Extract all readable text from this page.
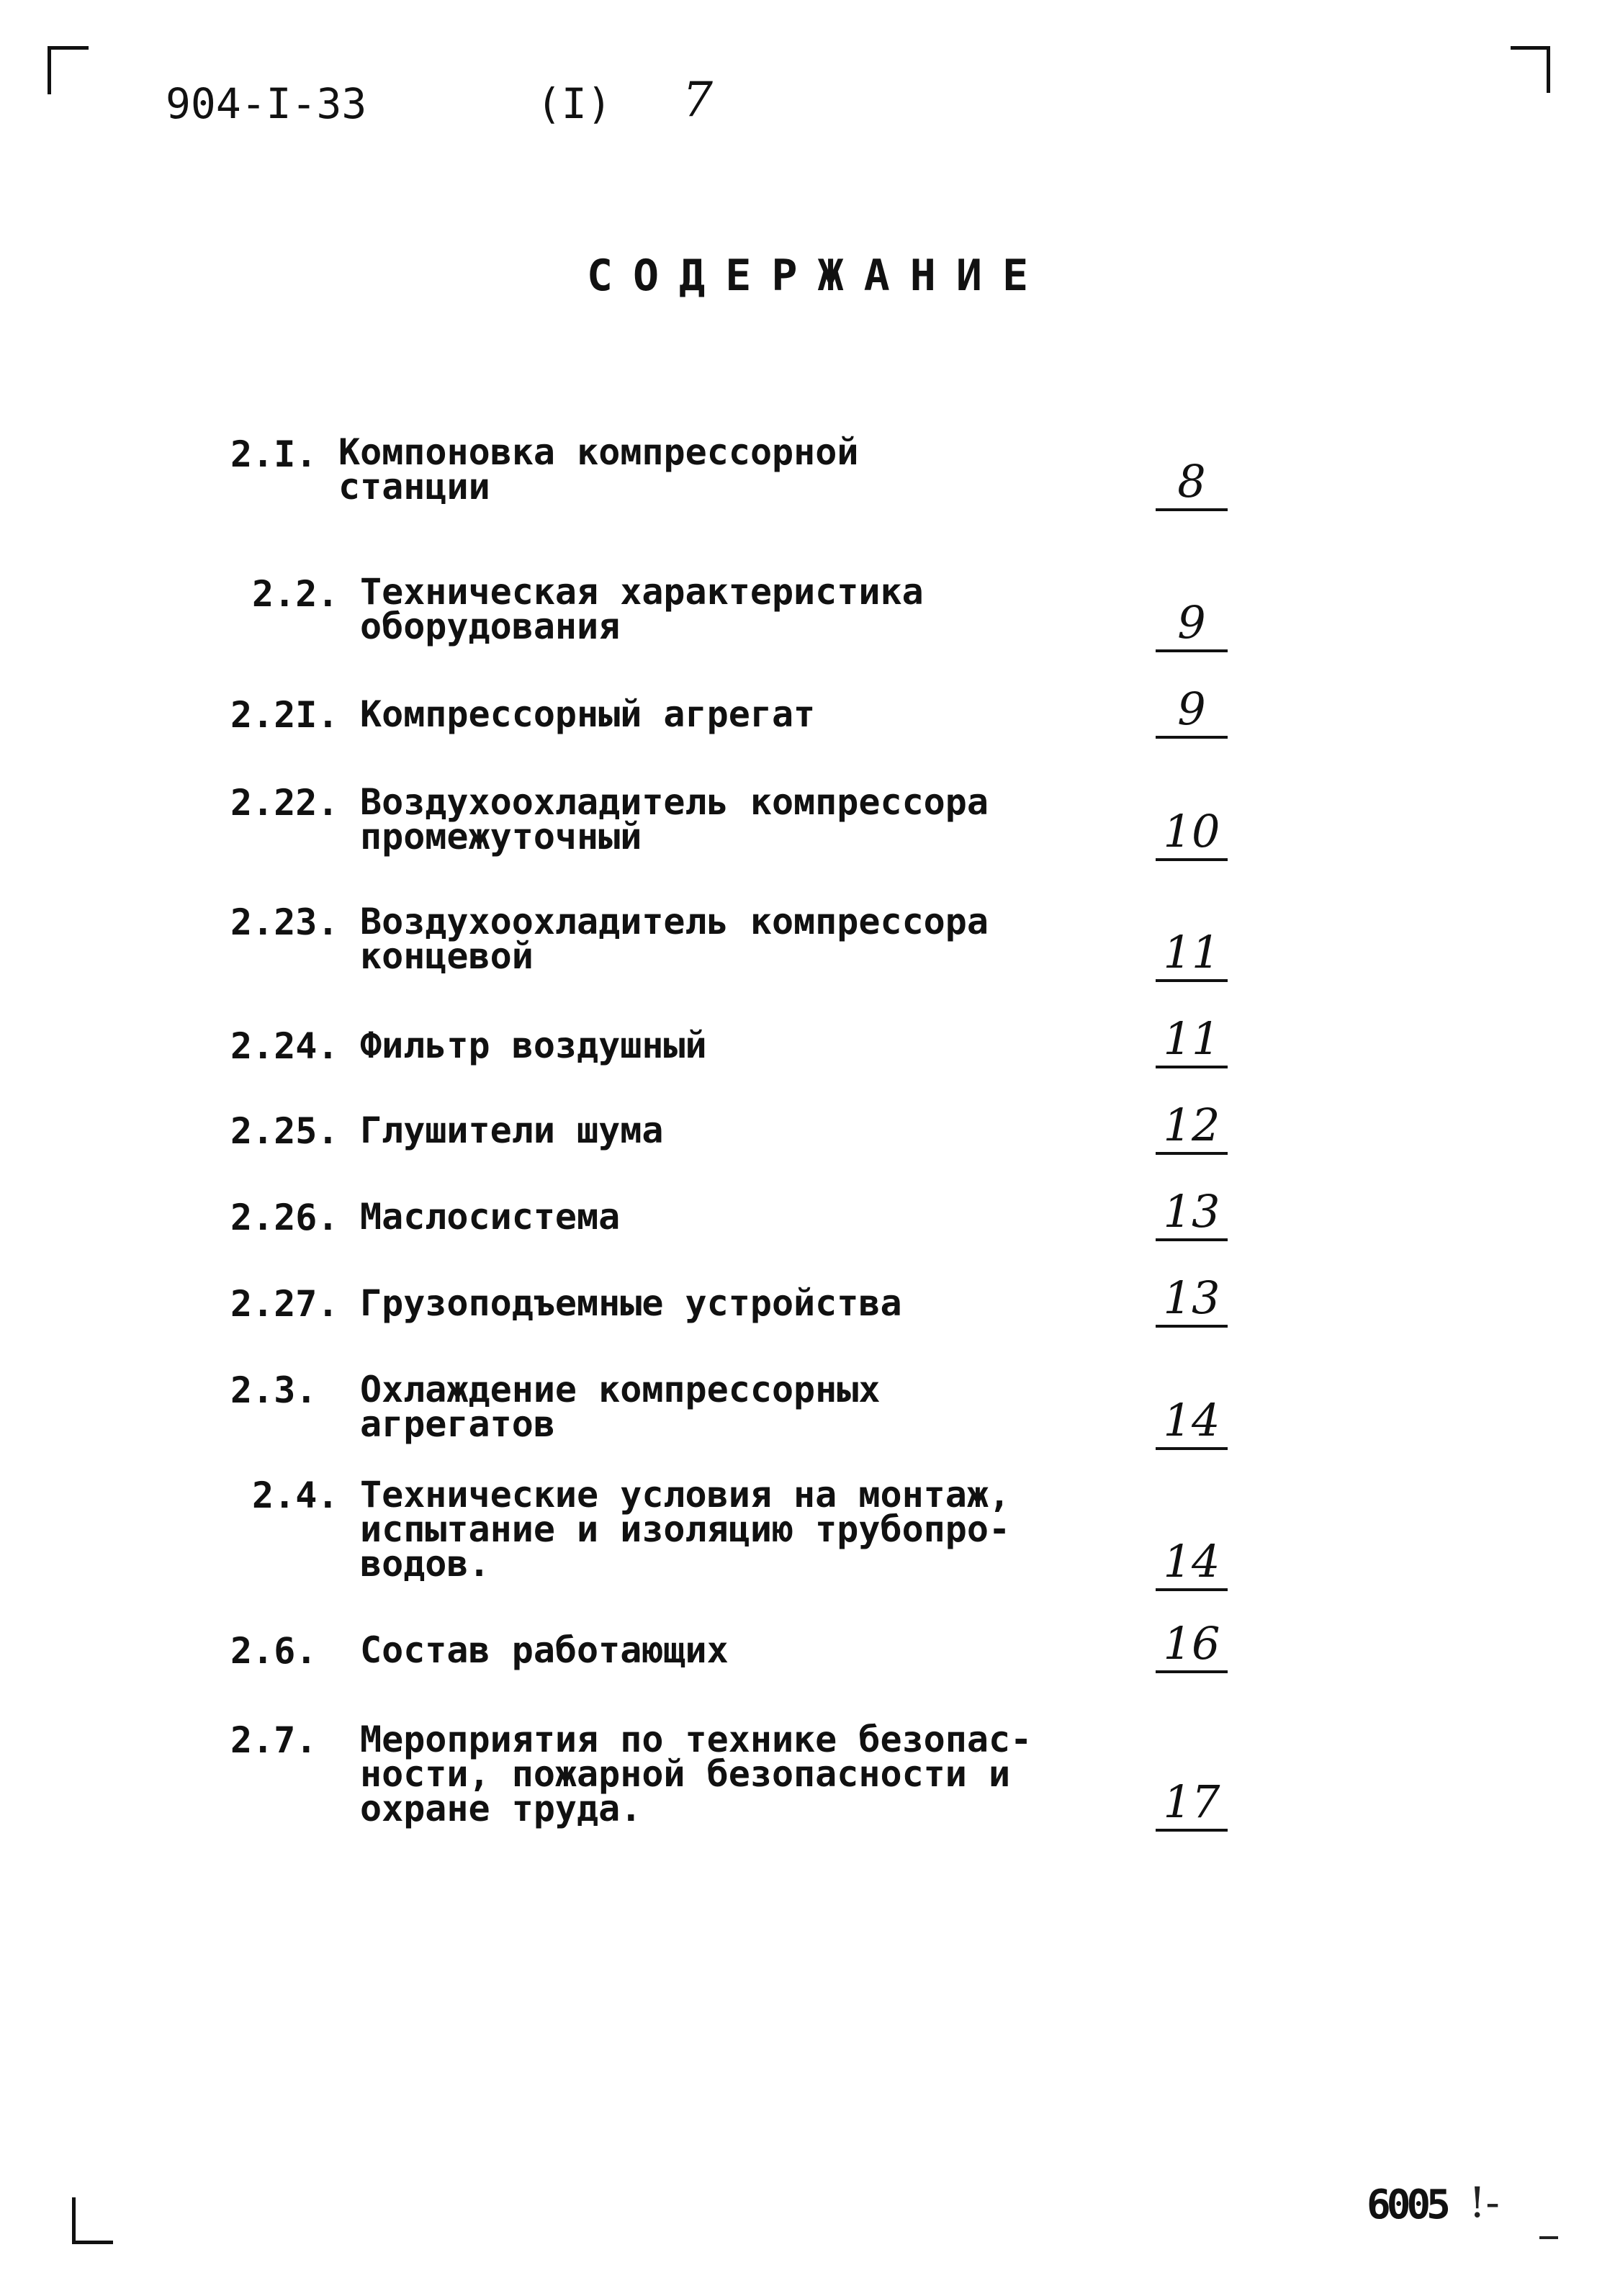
904-I-33	(I) 7
СОДЕРЖАНИЕ
2.I. Компоновка компрессорной
станции	8
2.2. Техническая характеристика
оборудования	9
2.2I. Компрессорный агрегат	9
2.22. Воздухоохладитель компрессора
промежуточный	10
2.23. Воздухоохладитель компрессора
концевой	11
2.24. Фильтр воздушный	11
2.25. Глушители шума	12
2.26. Маслосистема	13
2.27. Грузоподъемные устройства	13
2.3. Охлаждение компрессорных
агрегатов	14
2.4. Технические условия на монтаж,
испытание и изоляцию трубопро-
водов.	14
2.6. Состав работающих	16
2.7. Мероприятия по технике безопас-
ности, пожарной безопасности и
охране труда.	17
6005 !-
